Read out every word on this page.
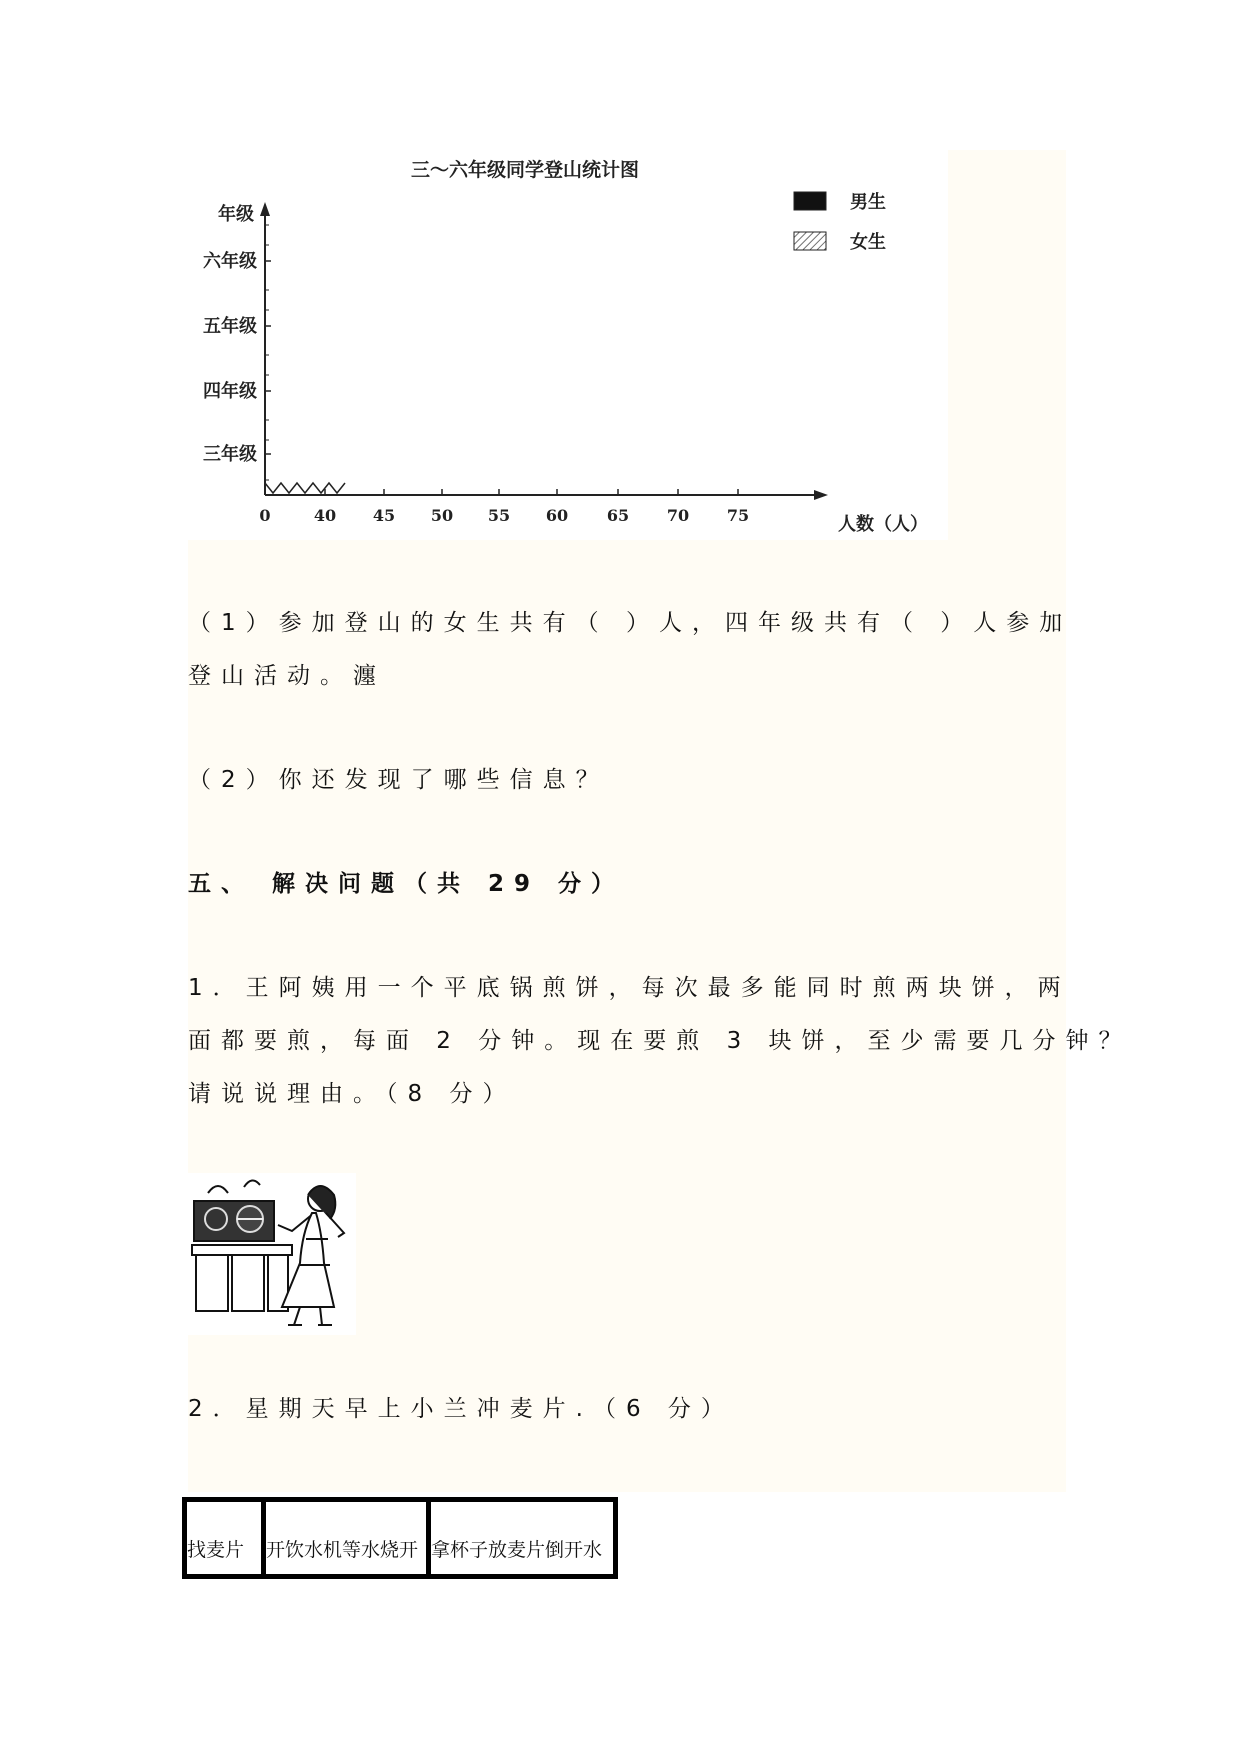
三～六年级同学登山统计图
年级
人数（人）
0	40 45 50 55 60 65 70 75
三年级
四年级
五年级
六年级
男生
女生
（1）参加登山的女生共有（ ）人，四年级共有（ ）人参加
登山活动。瀍
（2）你还发现了哪些信息？
五、 解决问题（共 29 分）
1．王阿姨用一个平底锅煎饼，每次最多能同时煎两块饼，两
面都要煎，每面 2 分钟。现在要煎 3 块饼，至少需要几分钟？
请说说理由。（8 分）
2．星期天早上小兰冲麦片.（6 分）
找麦片	开饮水机等水烧开	拿杯子放麦片倒开水
